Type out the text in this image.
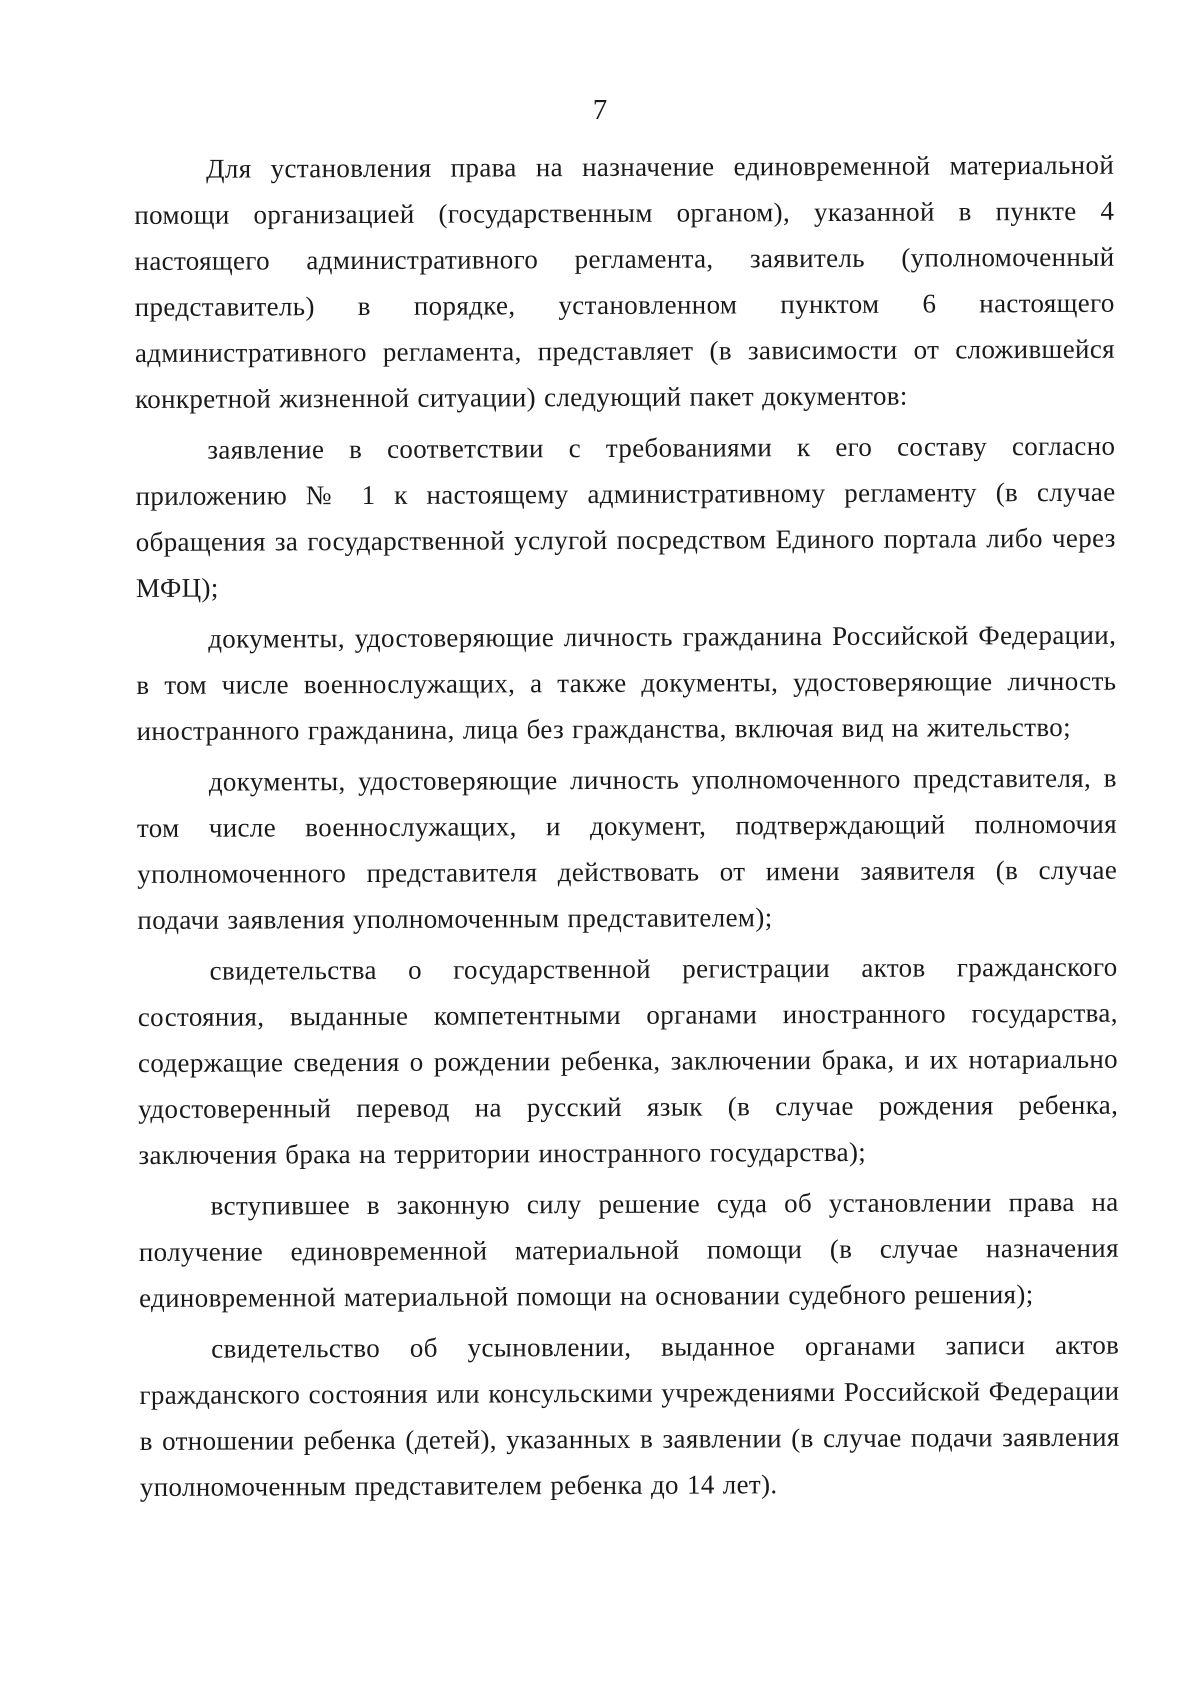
7

Для установления права на назначение единовременной материальной помощи организацией (государственным органом), указанной в пункте 4 настоящего административного регламента, заявитель (уполномоченный представитель) в порядке, установленном пунктом 6 настоящего административного регламента, представляет (в зависимости от сложившейся конкретной жизненной ситуации) следующий пакет документов:

заявление в соответствии с требованиями к его составу согласно приложению № 1 к настоящему административному регламенту (в случае обращения за государственной услугой посредством Единого портала либо через МФЦ);

документы, удостоверяющие личность гражданина Российской Федерации, в том числе военнослужащих, а также документы, удостоверяющие личность иностранного гражданина, лица без гражданства, включая вид на жительство;

документы, удостоверяющие личность уполномоченного представителя, в том числе военнослужащих, и документ, подтверждающий полномочия уполномоченного представителя действовать от имени заявителя (в случае подачи заявления уполномоченным представителем);

свидетельства о государственной регистрации актов гражданского состояния, выданные компетентными органами иностранного государства, содержащие сведения о рождении ребенка, заключении брака, и их нотариально удостоверенный перевод на русский язык (в случае рождения ребенка, заключения брака на территории иностранного государства);

вступившее в законную силу решение суда об установлении права на получение единовременной материальной помощи (в случае назначения единовременной материальной помощи на основании судебного решения);

свидетельство об усыновлении, выданное органами записи актов гражданского состояния или консульскими учреждениями Российской Федерации в отношении ребенка (детей), указанных в заявлении (в случае подачи заявления уполномоченным представителем ребенка до 14 лет).
